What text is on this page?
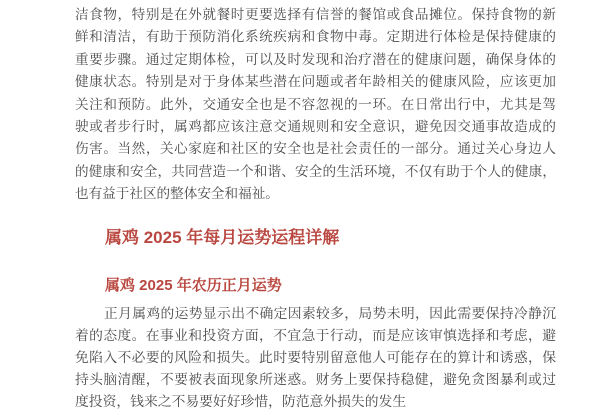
洁食物，特别是在外就餐时更要选择有信誉的餐馆或食品摊位。保持食物的新
鲜和清洁，有助于预防消化系统疾病和食物中毒。定期进行体检是保持健康的
重要步骤。通过定期体检，可以及时发现和治疗潜在的健康问题，确保身体的
健康状态。特别是对于身体某些潜在问题或者年龄相关的健康风险，应该更加
关注和预防。此外，交通安全也是不容忽视的一环。在日常出行中，尤其是驾
驶或者步行时，属鸡都应该注意交通规则和安全意识，避免因交通事故造成的
伤害。当然，关心家庭和社区的安全也是社会责任的一部分。通过关心身边人
的健康和安全，共同营造一个和谐、安全的生活环境，不仅有助于个人的健康，
也有益于社区的整体安全和福祉。
属鸡 2025 年每月运势运程详解
属鸡 2025 年农历正月运势
正月属鸡的运势显示出不确定因素较多，局势未明，因此需要保持冷静沉
着的态度。在事业和投资方面，不宜急于行动，而是应该审慎选择和考虑，避
免陷入不必要的风险和损失。此时要特别留意他人可能存在的算计和诱惑，保
持头脑清醒，不要被表面现象所迷惑。财务上要保持稳健，避免贪图暴利或过
度投资，钱来之不易要好好珍惜，防范意外损失的发生
